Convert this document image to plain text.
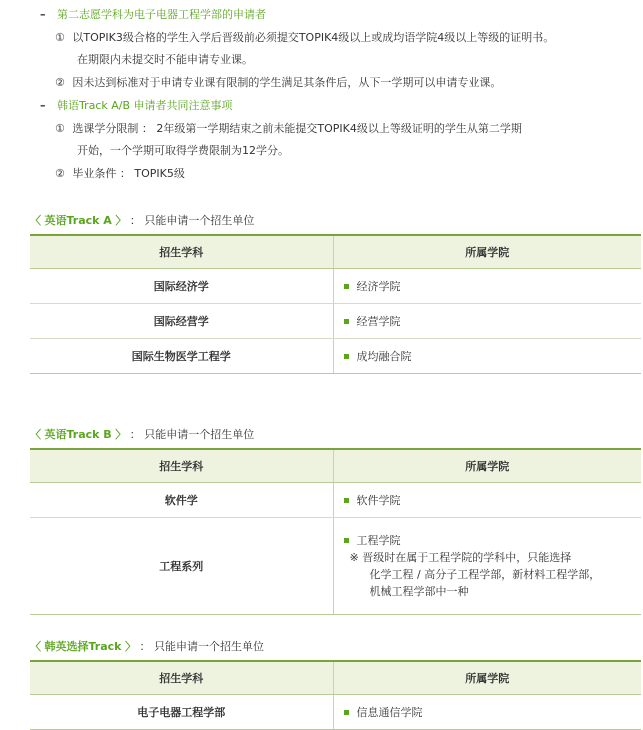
– 第二志愿学科为电子电器工程学部的申请者
① 以TOPIK3级合格的学生入学后晋级前必须提交TOPIK4级以上或成均语学院4级以上等级的证明书。
在期限内未提交时不能申请专业课。
② 因未达到标准对于申请专业课有限制的学生满足其条件后，从下一学期可以申请专业课。
– 韩语Track A/B 申请者共同注意事项
① 选课学分限制 ： 2年级第一学期结束之前未能提交TOPIK4级以上等级证明的学生从第二学期
开始，一个学期可取得学费限制为12学分。
② 毕业条件 ： TOPIK5级
〈 英语Track A 〉 ： 只能申请一个招生单位
招生学科	所属学院
国际经济学	经济学院
国际经营学	经营学院
国际生物医学工程学	成均融合院
〈 英语Track B 〉 ： 只能申请一个招生单位
招生学科	所属学院
软件学	软件学院
工程系列	工程学院
※ 晋级时在属于工程学院的学科中，只能选择
化学工程 / 高分子工程学部，新材料工程学部，
机械工程学部中一种
〈 韩英选择Track 〉 ： 只能申请一个招生单位
招生学科	所属学院
电子电器工程学部	信息通信学院
